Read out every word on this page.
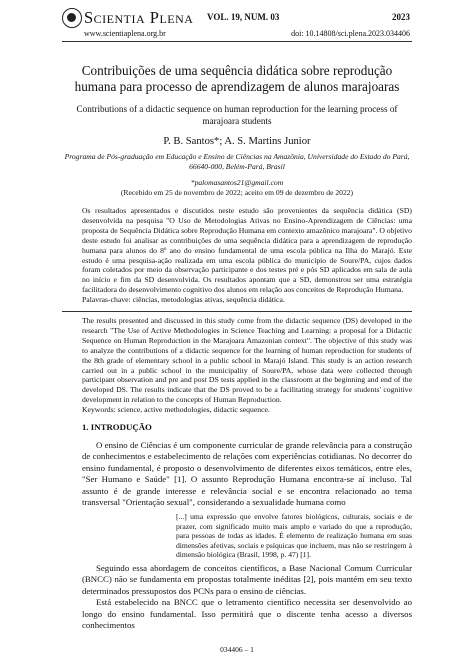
Scientia Plena
www.scientiaplena.org.br
VOL. 19, NUM. 03	2023
doi: 10.14808/sci.plena.2023.034406
Contribuições de uma sequência didática sobre reprodução humana para processo de aprendizagem de alunos marajoaras
Contributions of a didactic sequence on human reproduction for the learning process of marajoara students
P. B. Santos*; A. S. Martins Junior
Programa de Pós-graduação em Educação e Ensino de Ciências na Amazônia, Universidade do Estado do Pará, 66640-000, Belém-Pará, Brasil
*palomasantos21@gmail.com
(Recebido em 25 de novembro de 2022; aceito em 09 de dezembro de 2022)

Os resultados apresentados e discutidos neste estudo são provenientes da sequência didática (SD) desenvolvida na pesquisa "O Uso de Metodologias Ativas no Ensino-Aprendizagem de Ciências: uma proposta de Sequência Didática sobre Reprodução Humana em contexto amazônico marajoara". O objetivo deste estudo foi analisar as contribuições de uma sequência didática para a aprendizagem de reprodução humana para alunos do 8º ano do ensino fundamental de uma escola pública na Ilha do Marajó. Este estudo é uma pesquisa-ação realizada em uma escola pública do município de Soure/PA, cujos dados foram coletados por meio da observação participante e dos testes pré e pós SD aplicados em sala de aula no início e fim da SD desenvolvida. Os resultados apontam que a SD, demonstrou ser uma estratégia facilitadora do desenvolvimento cognitivo dos alunos em relação aos conceitos de Reprodução Humana.

Palavras-chave: ciências, metodologias ativas, sequência didática.

The results presented and discussed in this study come from the didactic sequence (DS) developed in the research "The Use of Active Methodologies in Science Teaching and Learning: a proposal for a Didactic Sequence on Human Reproduction in the Marajoara Amazonian context". The objective of this study was to analyze the contributions of a didactic sequence for the learning of human reproduction for students of the 8th grade of elementary school in a public school in Marajó Island. This study is an action research carried out in a public school in the municipality of Soure/PA, whose data were collected through participant observation and pre and post DS tests applied in the classroom at the beginning and end of the developed DS. The results indicate that the DS proved to be a facilitating strategy for students' cognitive development in relation to the concepts of Human Reproduction.

Keywords: science, active methodologies, didactic sequence.

1. INTRODUÇÃO

O ensino de Ciências é um componente curricular de grande relevância para a construção de conhecimentos e estabelecimento de relações com experiências cotidianas. No decorrer do ensino fundamental, é proposto o desenvolvimento de diferentes eixos temáticos, entre eles, "Ser Humano e Saúde" [1]. O assunto Reprodução Humana encontra-se aí incluso. Tal assunto é de grande interesse e relevância social e se encontra relacionado ao tema transversal "Orientação sexual", considerando a sexualidade humana como

[...] uma expressão que envolve fatores biológicos, culturais, sociais e de prazer, com significado muito mais amplo e variado do que a reprodução, para pessoas de todas as idades. É elemento de realização humana em suas dimensões afetivas, sociais e psíquicas que incluem, mas não se restringem à dimensão biológica (Brasil, 1998, p. 47) [1].

Seguindo essa abordagem de conceitos científicos, a Base Nacional Comum Curricular (BNCC) não se fundamenta em propostas totalmente inéditas [2], pois mantém em seu texto determinados pressupostos dos PCNs para o ensino de ciências.

Está estabelecido na BNCC que o letramento científico necessita ser desenvolvido ao longo do ensino fundamental. Isso permitirá que o discente tenha acesso a diversos conhecimentos

034406 – 1
